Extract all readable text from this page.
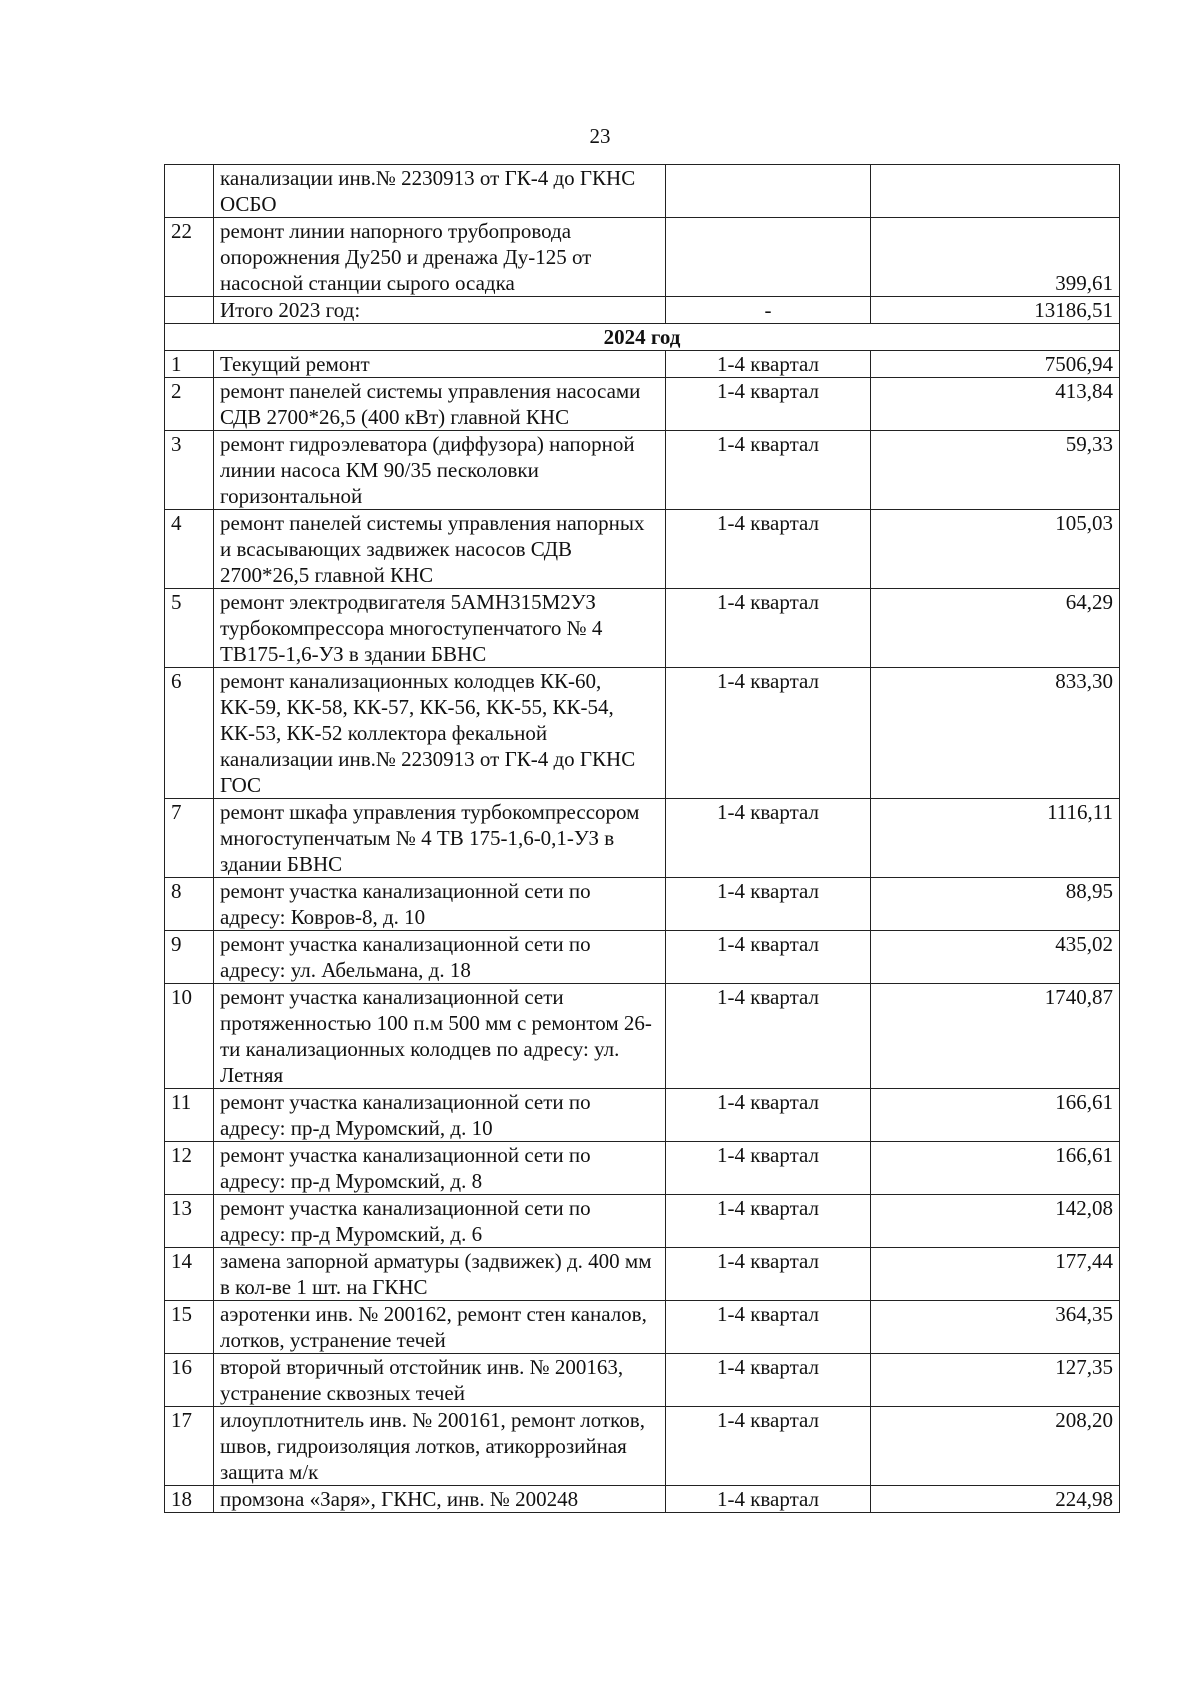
23
	канализации инв.№ 2230913 от ГК-4 до ГКНС ОСБО		
22	ремонт линии напорного трубопровода опорожнения Ду250 и дренажа Ду-125 от насосной станции сырого осадка		399,61
	Итого 2023 год:	-	13186,51
2024 год			
1	Текущий ремонт	1-4 квартал	7506,94
2	ремонт панелей системы управления насосами СДВ 2700*26,5 (400 кВт) главной КНС	1-4 квартал	413,84
3	ремонт гидроэлеватора (диффузора) напорной линии насоса КМ 90/35 песколовки горизонтальной	1-4 квартал	59,33
4	ремонт панелей системы управления напорных и всасывающих задвижек насосов СДВ 2700*26,5 главной КНС	1-4 квартал	105,03
5	ремонт электродвигателя 5АМН315М2УЗ турбокомпрессора многоступенчатого № 4 ТВ175-1,6-УЗ в здании БВНС	1-4 квартал	64,29
6	ремонт канализационных колодцев КК-60, КК-59, КК-58, КК-57, КК-56, КК-55, КК-54, КК-53, КК-52 коллектора фекальной канализации инв.№ 2230913 от ГК-4 до ГКНС ГОС	1-4 квартал	833,30
7	ремонт шкафа управления турбокомпрессором многоступенчатым № 4 ТВ 175-1,6-0,1-УЗ в здании БВНС	1-4 квартал	1116,11
8	ремонт участка канализационной сети по адресу: Ковров-8, д. 10	1-4 квартал	88,95
9	ремонт участка канализационной сети по адресу: ул. Абельмана, д. 18	1-4 квартал	435,02
10	ремонт участка канализационной сети протяженностью 100 п.м 500 мм с ремонтом 26-ти канализационных колодцев по адресу: ул. Летняя	1-4 квартал	1740,87
11	ремонт участка канализационной сети по адресу: пр-д Муромский, д. 10	1-4 квартал	166,61
12	ремонт участка канализационной сети по адресу: пр-д Муромский, д. 8	1-4 квартал	166,61
13	ремонт участка канализационной сети по адресу: пр-д Муромский, д. 6	1-4 квартал	142,08
14	замена запорной арматуры (задвижек) д. 400 мм в кол-ве 1 шт. на ГКНС	1-4 квартал	177,44
15	аэротенки инв. № 200162, ремонт стен каналов, лотков, устранение течей	1-4 квартал	364,35
16	второй вторичный отстойник инв. № 200163, устранение сквозных течей	1-4 квартал	127,35
17	илоуплотнитель инв. № 200161, ремонт лотков, швов, гидроизоляция лотков, атикоррозийная защита м/к	1-4 квартал	208,20
18	промзона «Заря», ГКНС, инв. № 200248	1-4 квартал	224,98
